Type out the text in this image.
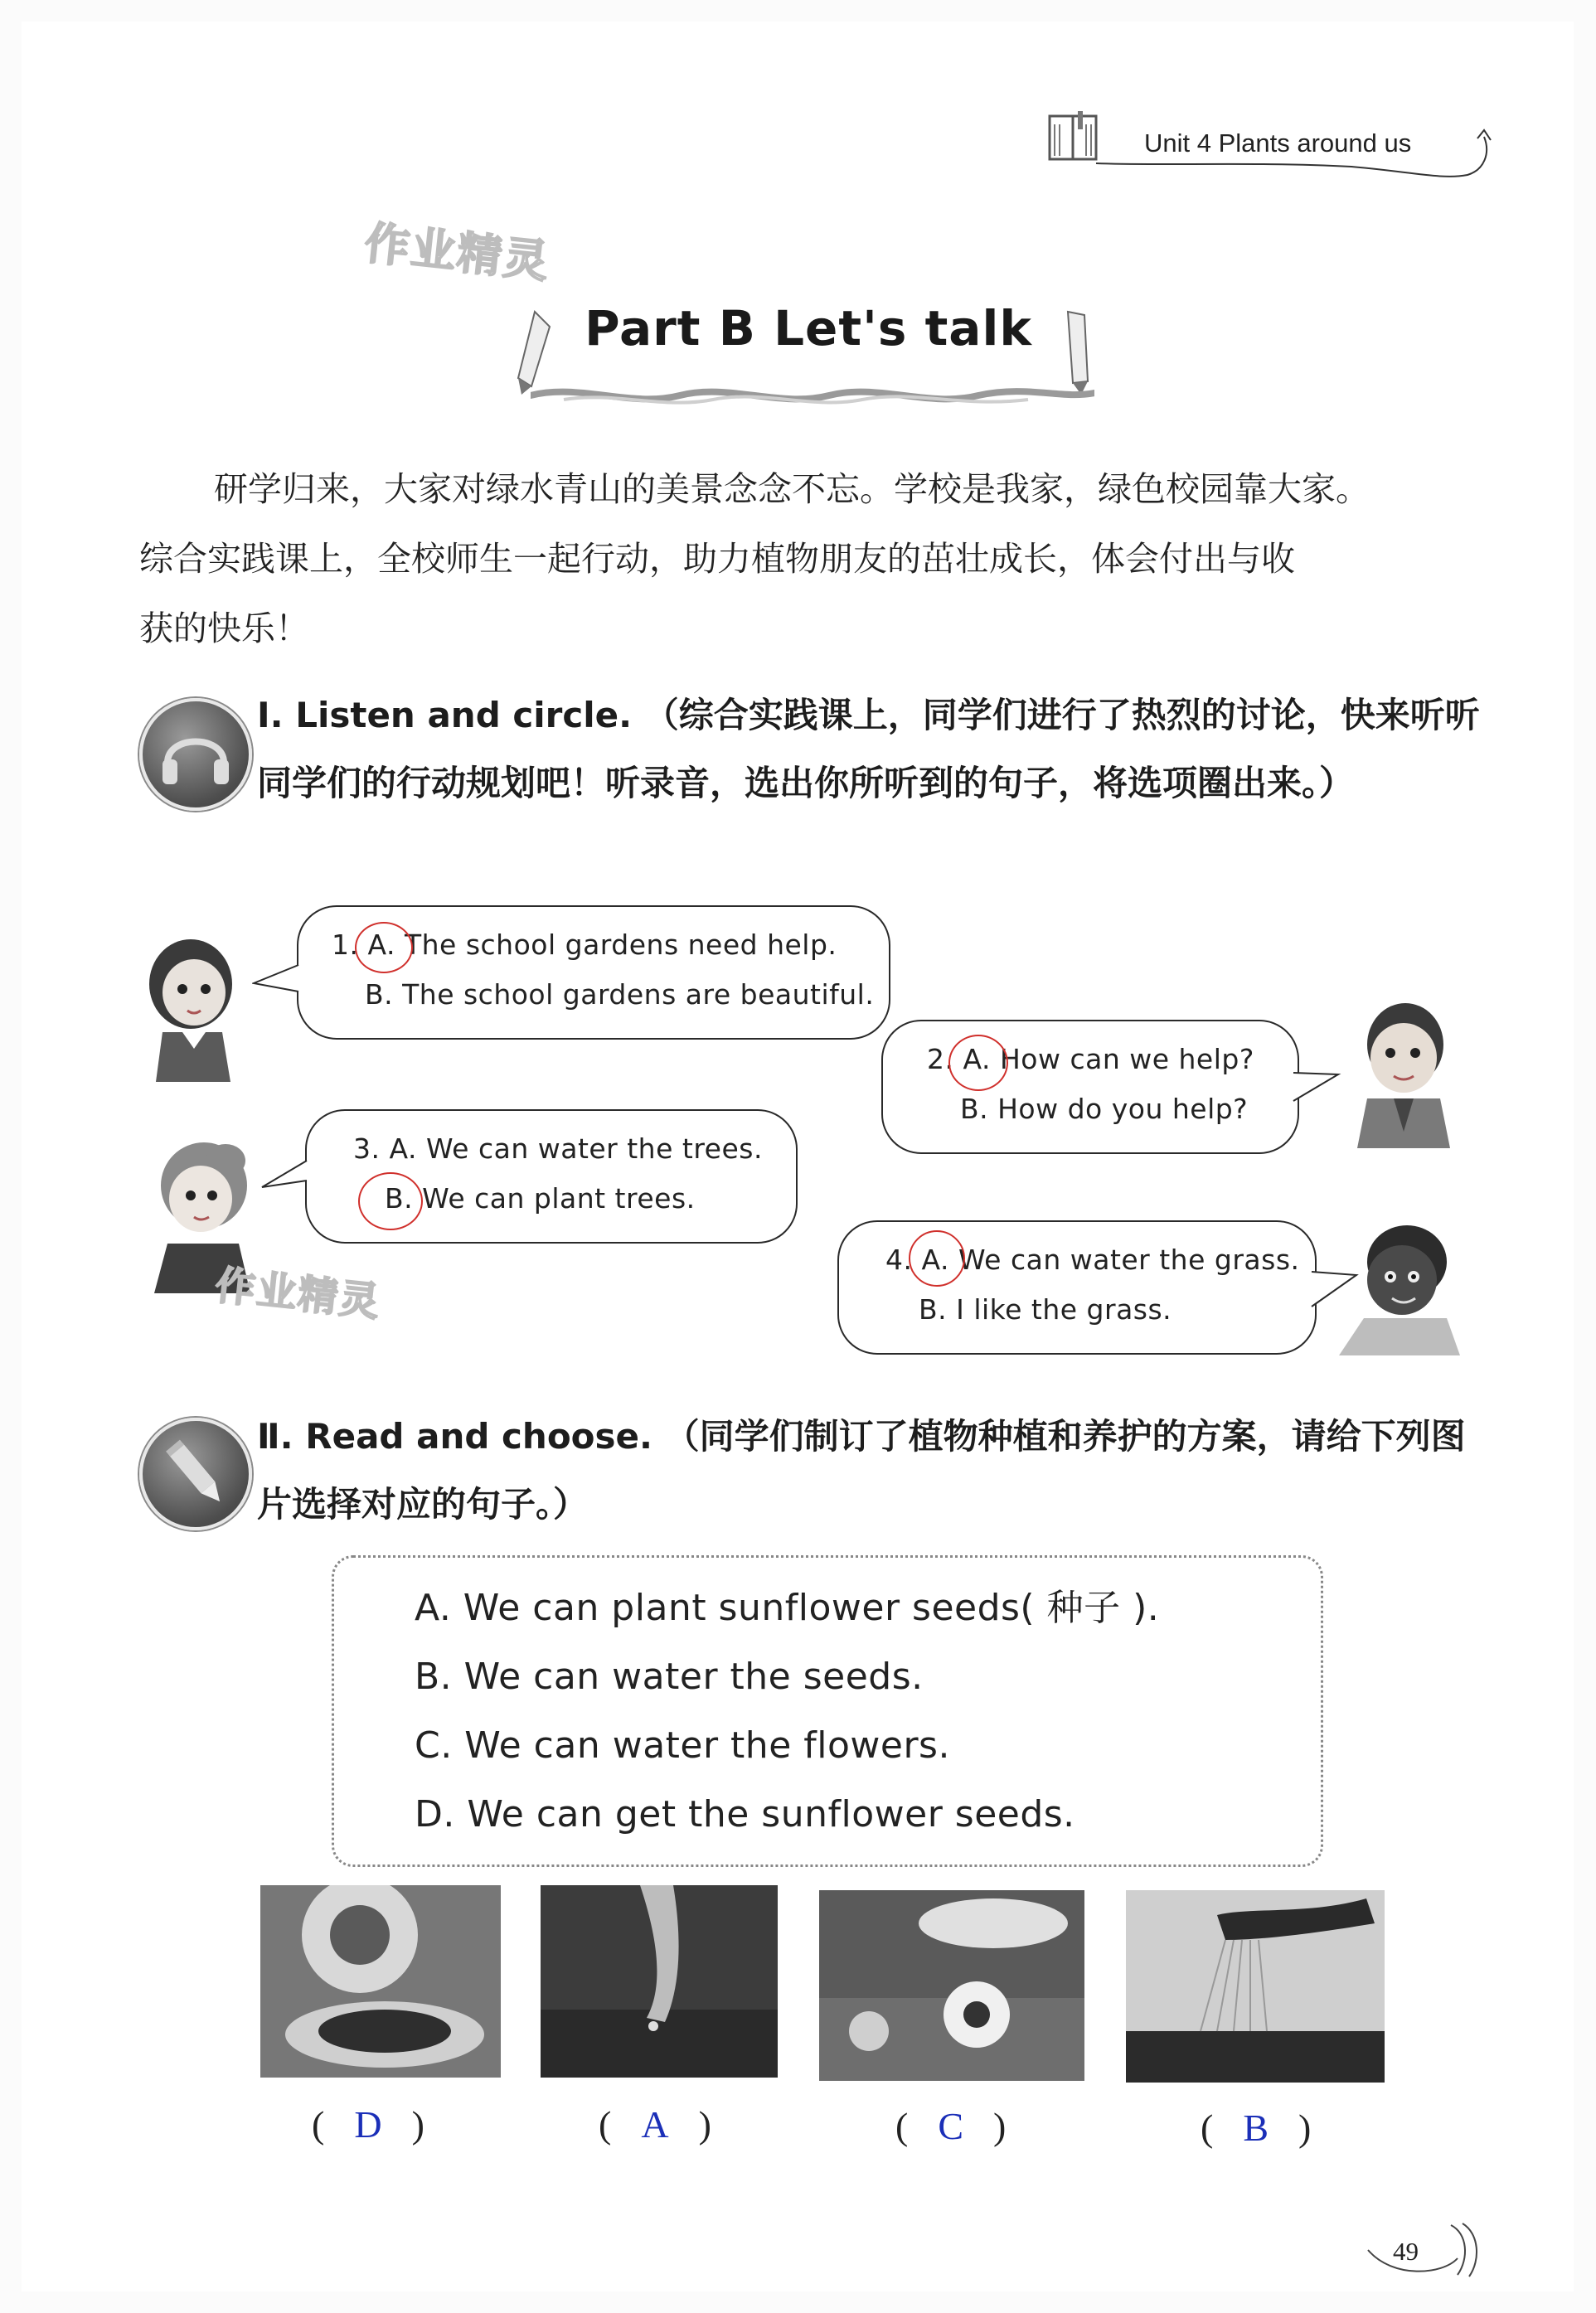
Unit 4 Plants around us
作业精灵
Part B Let's talk
研学归来，大家对绿水青山的美景念念不忘。学校是我家，绿色校园靠大家。
综合实践课上，全校师生一起行动，助力植物朋友的茁壮成长，体会付出与收
获的快乐！
Ⅰ. Listen and circle. （综合实践课上，同学们进行了热烈的讨论，快来听听同学们的行动规划吧！听录音，选出你所听到的句子，将选项圈出来。）
1. A. The school gardens need help.
B. The school gardens are beautiful.
2. A. How can we help?
B. How do you help?
3. A. We can water the trees.
B. We can plant trees.
4. A. We can water the grass.
B. I like the grass.
作业精灵
Ⅱ. Read and choose. （同学们制订了植物种植和养护的方案，请给下列图片选择对应的句子。）
A. We can plant sunflower seeds( 种子 ).
B. We can water the seeds.
C. We can water the flowers.
D. We can get the sunflower seeds.
( D )	( A )	( C )	( B )
49
